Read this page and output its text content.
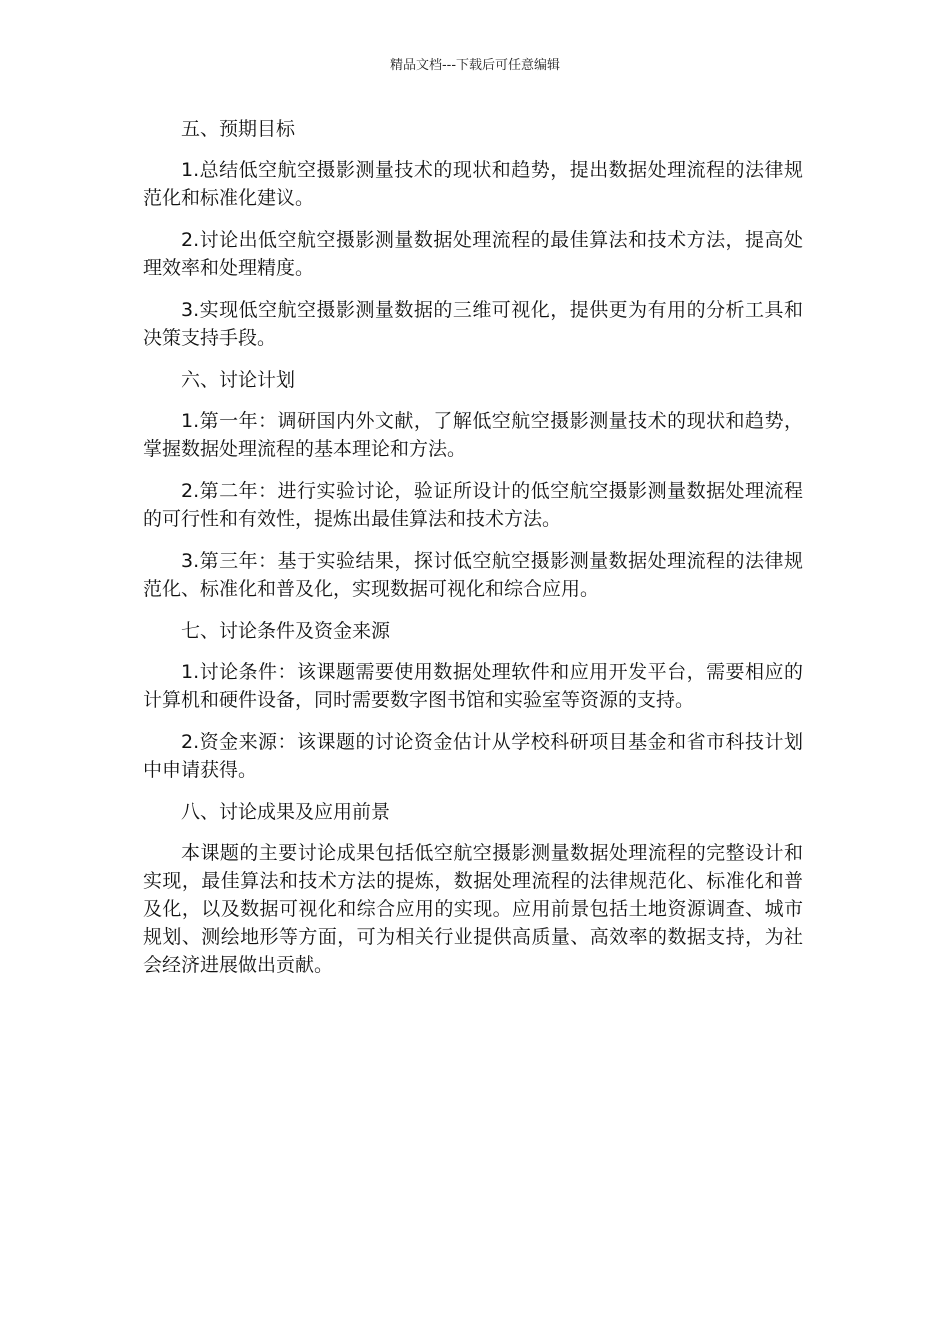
精品文档---下载后可任意编辑

五、预期目标

1.总结低空航空摄影测量技术的现状和趋势，提出数据处理流程的法律规范化和标准化建议。

2.讨论出低空航空摄影测量数据处理流程的最佳算法和技术方法，提高处理效率和处理精度。

3.实现低空航空摄影测量数据的三维可视化，提供更为有用的分析工具和决策支持手段。

六、讨论计划

1.第一年：调研国内外文献，了解低空航空摄影测量技术的现状和趋势，掌握数据处理流程的基本理论和方法。

2.第二年：进行实验讨论，验证所设计的低空航空摄影测量数据处理流程的可行性和有效性，提炼出最佳算法和技术方法。

3.第三年：基于实验结果，探讨低空航空摄影测量数据处理流程的法律规范化、标准化和普及化，实现数据可视化和综合应用。

七、讨论条件及资金来源

1.讨论条件：该课题需要使用数据处理软件和应用开发平台，需要相应的计算机和硬件设备，同时需要数字图书馆和实验室等资源的支持。

2.资金来源：该课题的讨论资金估计从学校科研项目基金和省市科技计划中申请获得。

八、讨论成果及应用前景

本课题的主要讨论成果包括低空航空摄影测量数据处理流程的完整设计和实现，最佳算法和技术方法的提炼，数据处理流程的法律规范化、标准化和普及化，以及数据可视化和综合应用的实现。应用前景包括土地资源调查、城市规划、测绘地形等方面，可为相关行业提供高质量、高效率的数据支持，为社会经济进展做出贡献。
